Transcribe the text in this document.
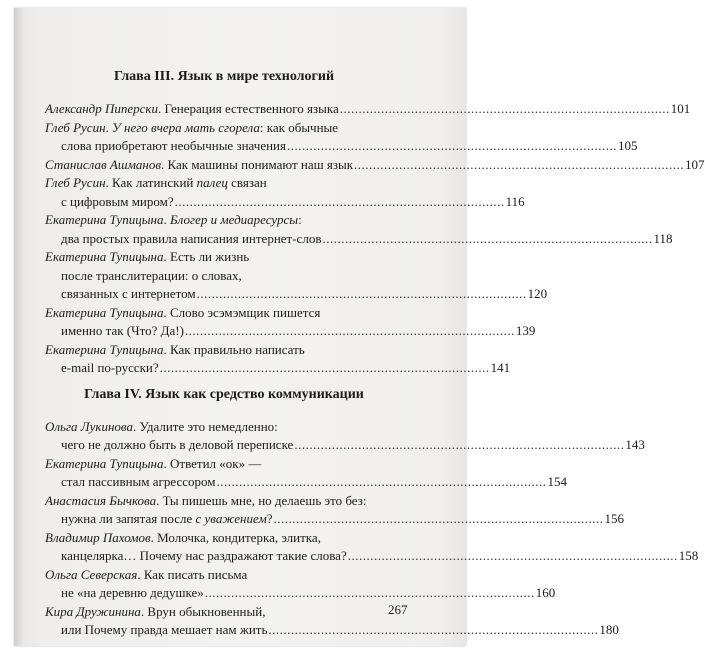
Глава III. Язык в мире технологий
Александр Пиперски. Генерация естественного языка ........................................................................................ 101
Глеб Русин. У него вчера мать сгорела: как обычные
слова приобретают необычные значения ........................................................................................ 105
Станислав Ашманов. Как машины понимают наш язык ........................................................................................ 107
Глеб Русин. Как латинский палец связан
с цифровым миром? ........................................................................................ 116
Екатерина Тупицына. Блогер и медиаресурсы:
два простых правила написания интернет-слов ........................................................................................ 118
Екатерина Тупицына. Есть ли жизнь
после транслитерации: о словах,
связанных с интернетом ........................................................................................ 120
Екатерина Тупицына. Слово эсэмэмщик пишется
именно так (Что? Да!) ........................................................................................ 139
Екатерина Тупицына. Как правильно написать
e-mail по-русски? ........................................................................................ 141
Глава IV. Язык как средство коммуникации
Ольга Лукинова. Удалите это немедленно:
чего не должно быть в деловой переписке ........................................................................................ 143
Екатерина Тупицына. Ответил «ок» —
стал пассивным агрессором ........................................................................................ 154
Анастасия Бычкова. Ты пишешь мне, но делаешь это без:
нужна ли запятая после с уважением? ........................................................................................ 156
Владимир Пахомов. Молочка, кондитерка, элитка,
канцелярка… Почему нас раздражают такие слова? ........................................................................................ 158
Ольга Северская. Как писать письма
не «на деревню дедушке» ........................................................................................ 160
Кира Дружинина. Врун обыкновенный,
или Почему правда мешает нам жить ........................................................................................ 180
267
